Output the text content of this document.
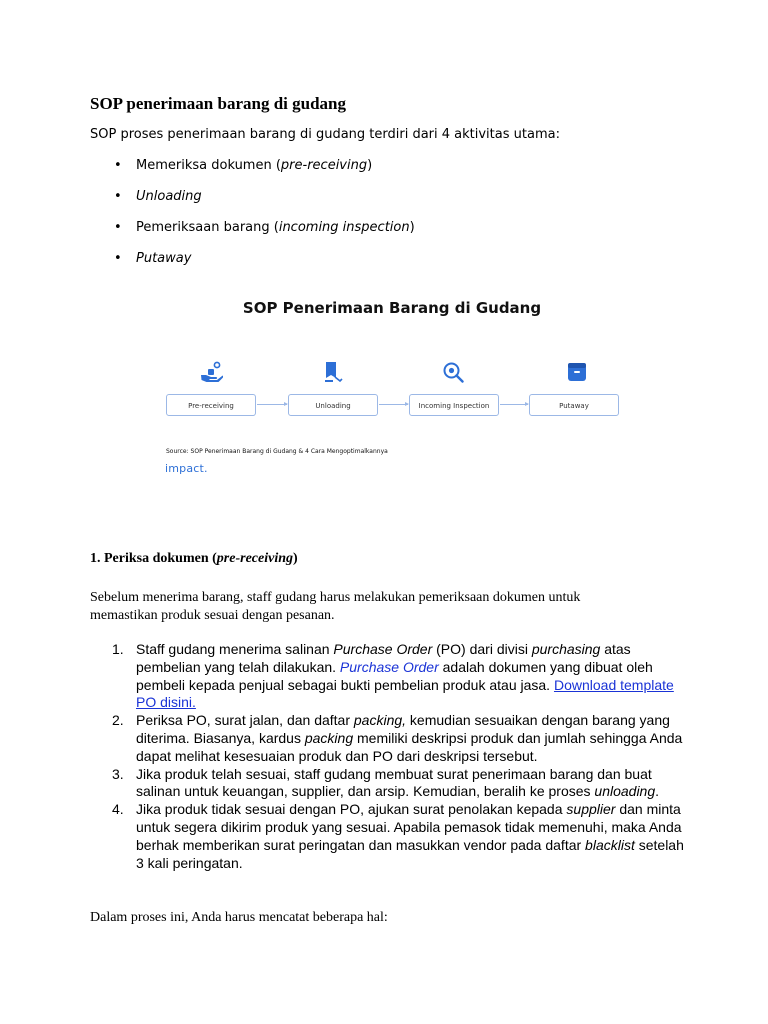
SOP penerimaan barang di gudang
SOP proses penerimaan barang di gudang terdiri dari 4 aktivitas utama:
• Memeriksa dokumen (pre-receiving)
• Unloading
• Pemeriksaan barang (incoming inspection)
• Putaway
SOP Penerimaan Barang di Gudang
Pre-receiving	Unloading	Incoming Inspection	Putaway
Source: SOP Penerimaan Barang di Gudang & 4 Cara Mengoptimalkannya
impact.
1. Periksa dokumen (pre-receiving)
Sebelum menerima barang, staff gudang harus melakukan pemeriksaan dokumen untuk memastikan produk sesuai dengan pesanan.
1. Staff gudang menerima salinan Purchase Order (PO) dari divisi purchasing atas pembelian yang telah dilakukan. Purchase Order adalah dokumen yang dibuat oleh pembeli kepada penjual sebagai bukti pembelian produk atau jasa. Download template PO disini.
2. Periksa PO, surat jalan, dan daftar packing, kemudian sesuaikan dengan barang yang diterima. Biasanya, kardus packing memiliki deskripsi produk dan jumlah sehingga Anda dapat melihat kesesuaian produk dan PO dari deskripsi tersebut.
3. Jika produk telah sesuai, staff gudang membuat surat penerimaan barang dan buat salinan untuk keuangan, supplier, dan arsip. Kemudian, beralih ke proses unloading.
4. Jika produk tidak sesuai dengan PO, ajukan surat penolakan kepada supplier dan minta untuk segera dikirim produk yang sesuai. Apabila pemasok tidak memenuhi, maka Anda berhak memberikan surat peringatan dan masukkan vendor pada daftar blacklist setelah 3 kali peringatan.
Dalam proses ini, Anda harus mencatat beberapa hal:
